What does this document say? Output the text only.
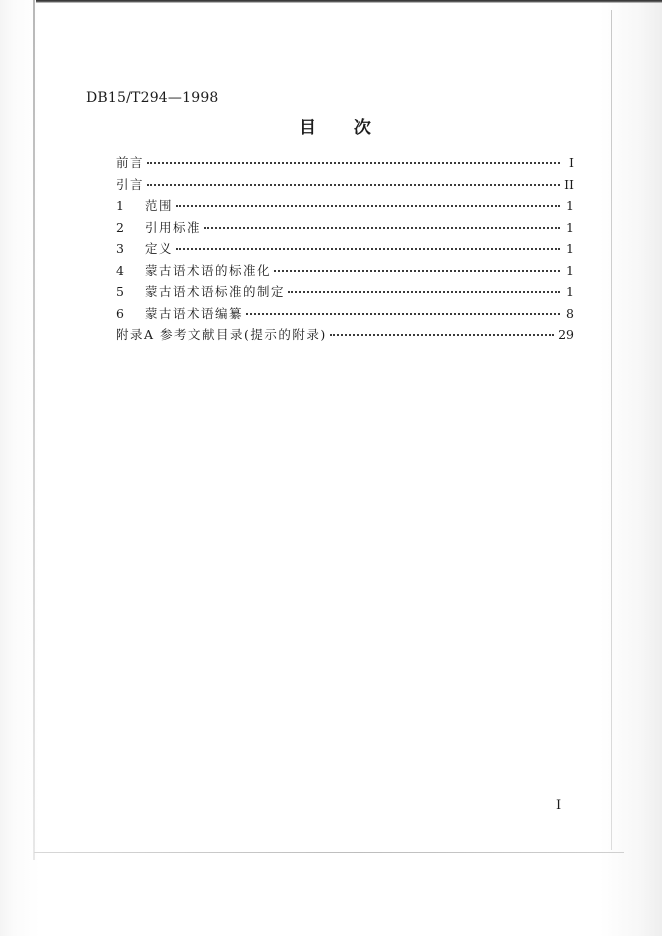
DB15/T294—1998
目 次
前言	I
引言	II
1	范围	1
2	引用标准	1
3	定义	1
4	蒙古语术语的标准化	1
5	蒙古语术语标准的制定	1
6	蒙古语术语编纂	8
附录A 参考文献目录(提示的附录)	29
I
